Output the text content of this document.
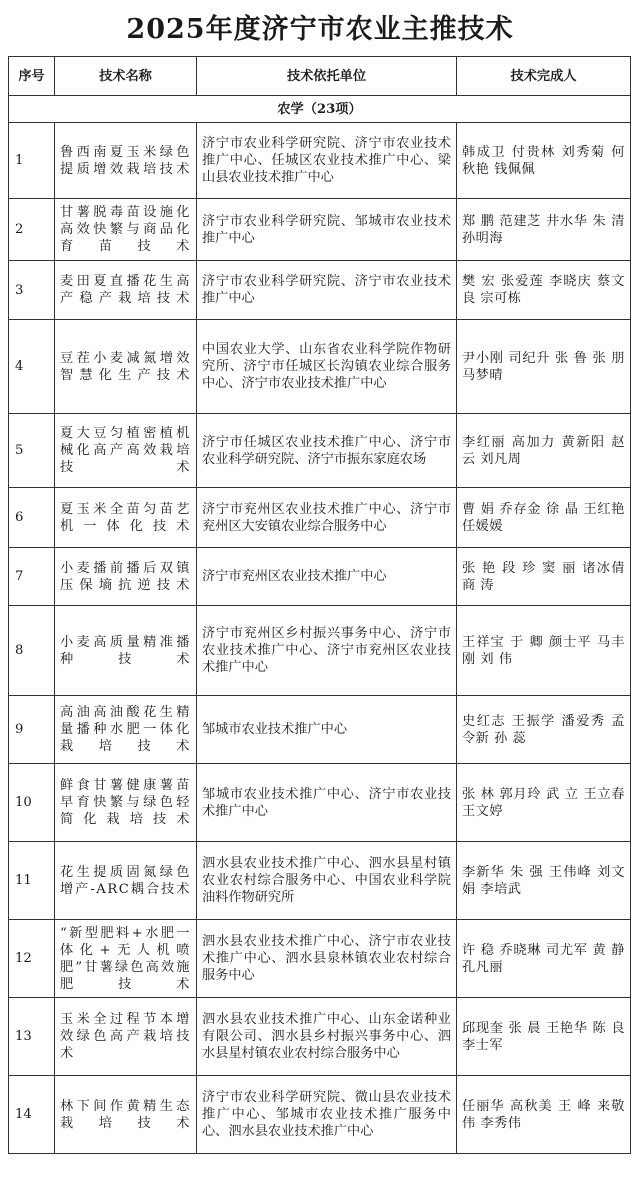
2025年度济宁市农业主推技术
序号	技术名称	技术依托单位	技术完成人
农学（23项）			
1	鲁西南夏玉米绿色提质增效栽培技术	济宁市农业科学研究院、济宁市农业技术推广中心、任城区农业技术推广中心、梁山县农业技术推广中心	韩成卫 付贵林 刘秀菊 何秋艳 钱佩佩
2	甘薯脱毒苗设施化高效快繁与商品化育苗技术	济宁市农业科学研究院、邹城市农业技术推广中心	郑 鹏 范建芝 井水华 朱 清 孙明海
3	麦田夏直播花生高产稳产栽培技术	济宁市农业科学研究院、济宁市农业技术推广中心	樊 宏 张爱莲 李晓庆 蔡文良 宗可栋
4	豆茬小麦减氮增效智慧化生产技术	中国农业大学、山东省农业科学院作物研究所、济宁市任城区长沟镇农业综合服务中心、济宁市农业技术推广中心	尹小刚 司纪升 张 鲁 张 朋 马梦晴
5	夏大豆匀植密植机械化高产高效栽培技术	济宁市任城区农业技术推广中心、济宁市农业科学研究院、济宁市振东家庭农场	李红丽 高加力 黄新阳 赵 云 刘凡周
6	夏玉米全苗匀苗艺机一体化技术	济宁市兖州区农业技术推广中心、济宁市兖州区大安镇农业综合服务中心	曹 娟 乔存金 徐 晶 王红艳 任媛媛
7	小麦播前播后双镇压保墒抗逆技术	济宁市兖州区农业技术推广中心	张 艳 段 珍 窦 丽 诸冰倩 商 涛
8	小麦高质量精准播种技术	济宁市兖州区乡村振兴事务中心、济宁市农业技术推广中心、济宁市兖州区农业技术推广中心	王祥宝 于 卿 颜士平 马丰刚 刘 伟
9	高油高油酸花生精量播种水肥一体化栽培技术	邹城市农业技术推广中心	史红志 王振学 潘爱秀 孟令新 孙 蕊
10	鲜食甘薯健康薯苗早育快繁与绿色轻简化栽培技术	邹城市农业技术推广中心、济宁市农业技术推广中心	张 林 郭月玲 武 立 王立春 王文婷
11	花生提质固氮绿色增产-ARC耦合技术	泗水县农业技术推广中心、泗水县星村镇农业农村综合服务中心、中国农业科学院油料作物研究所	李新华 朱 强 王伟峰 刘文娟 李培武
12	“新型肥料+水肥一体化+无人机喷肥”甘薯绿色高效施肥技术	泗水县农业技术推广中心、济宁市农业技术推广中心、泗水县泉林镇农业农村综合服务中心	许 稳 乔晓琳 司尤军 黄 静 孔凡丽
13	玉米全过程节本增效绿色高产栽培技术	泗水县农业技术推广中心、山东金诺种业有限公司、泗水县乡村振兴事务中心、泗水县星村镇农业农村综合服务中心	邱现奎 张 晨 王艳华 陈 良 李士军
14	林下间作黄精生态栽培技术	济宁市农业科学研究院、微山县农业技术推广中心、邹城市农业技术推广服务中心、泗水县农业技术推广中心	任丽华 高秋美 王 峰 来敬伟 李秀伟
